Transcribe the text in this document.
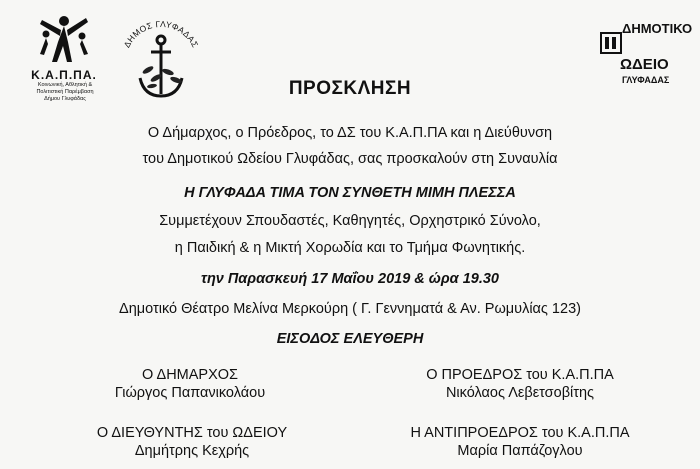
Κ.Α.Π.ΠΑ.
Κοινωνική, Αθλητική &
Πολιτιστική Παρέμβαση
Δήμου Γλυφάδας
ΔΗΜΟΣ ΓΛΥΦΑΔΑΣ
ΔΗΜΟΤΙΚΟ
ΩΔΕΙΟ
ΓΛΥΦΑΔΑΣ
ΠΡΟΣΚΛΗΣΗ
Ο Δήμαρχος, ο Πρόεδρος, το ΔΣ του Κ.Α.Π.ΠΑ και η Διεύθυνση
του Δημοτικού Ωδείου Γλυφάδας, σας προσκαλούν στη Συναυλία
Η ΓΛΥΦΑΔΑ ΤΙΜΑ ΤΟΝ ΣΥΝΘΕΤΗ ΜΙΜΗ ΠΛΕΣΣΑ
Συμμετέχουν Σπουδαστές, Καθηγητές, Ορχηστρικό Σύνολο,
η Παιδική & η Μικτή Χορωδία και το Τμήμα Φωνητικής.
την Παρασκευή 17 Μαΐου 2019 & ώρα 19.30
Δημοτικό Θέατρο Μελίνα Μερκούρη ( Γ. Γεννηματά & Αν. Ρωμυλίας 123)
ΕΙΣΟΔΟΣ ΕΛΕΥΘΕΡΗ
Ο ΔΗΜΑΡΧΟΣ
Γιώργος Παπανικολάου
Ο ΠΡΟΕΔΡΟΣ του Κ.Α.Π.ΠΑ
Νικόλαος Λεβετσοβίτης
Ο ΔΙΕΥΘΥΝΤΗΣ του ΩΔΕΙΟΥ
Δημήτρης Κεχρής
Η ΑΝΤΙΠΡΟΕΔΡΟΣ του Κ.Α.Π.ΠΑ
Μαρία Παπάζογλου
